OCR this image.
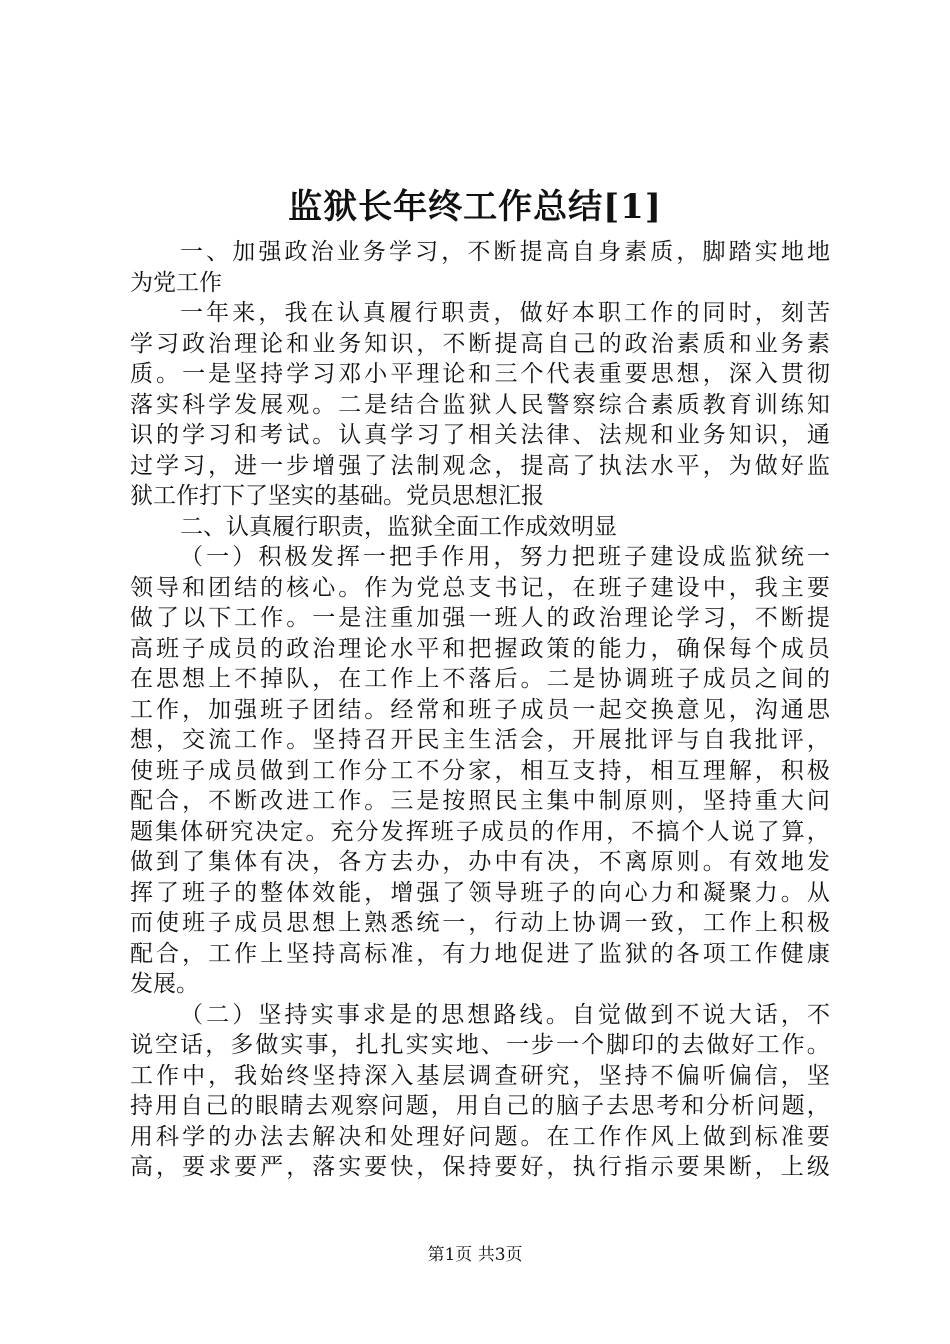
监狱长年终工作总结[1]
一 、 加 强 政 治 业 务 学 习 ， 不 断 提 高 自 身 素 质 ， 脚 踏 实 地 地
为党工作
一 年 来 ， 我 在 认 真 履 行 职 责 ， 做 好 本 职 工 作 的 同 时 ， 刻 苦
学 习 政 治 理 论 和 业 务 知 识 ， 不 断 提 高 自 己 的 政 治 素 质 和 业 务 素
质 。 一 是 坚 持 学 习 邓 小 平 理 论 和 三 个 代 表 重 要 思 想 ， 深 入 贯 彻
落 实 科 学 发 展 观 。 二 是 结 合 监 狱 人 民 警 察 综 合 素 质 教 育 训 练 知
识 的 学 习 和 考 试 。 认 真 学 习 了 相 关 法 律 、 法 规 和 业 务 知 识 ， 通
过 学 习 ， 进 一 步 增 强 了 法 制 观 念 ， 提 高 了 执 法 水 平 ， 为 做 好 监
狱工作打下了坚实的基础。党员思想汇报
二、认真履行职责，监狱全面工作成效明显
（ 一 ） 积 极 发 挥 一 把 手 作 用 ， 努 力 把 班 子 建 设 成 监 狱 统 一
领 导 和 团 结 的 核 心 。 作 为 党 总 支 书 记 ， 在 班 子 建 设 中 ， 我 主 要
做 了 以 下 工 作 。 一 是 注 重 加 强 一 班 人 的 政 治 理 论 学 习 ， 不 断 提
高 班 子 成 员 的 政 治 理 论 水 平 和 把 握 政 策 的 能 力 ， 确 保 每 个 成 员
在 思 想 上 不 掉 队 ， 在 工 作 上 不 落 后 。 二 是 协 调 班 子 成 员 之 间 的
工 作 ， 加 强 班 子 团 结 。 经 常 和 班 子 成 员 一 起 交 换 意 见 ， 沟 通 思
想 ， 交 流 工 作 。 坚 持 召 开 民 主 生 活 会 ， 开 展 批 评 与 自 我 批 评 ，
使 班 子 成 员 做 到 工 作 分 工 不 分 家 ， 相 互 支 持 ， 相 互 理 解 ， 积 极
配 合 ， 不 断 改 进 工 作 。 三 是 按 照 民 主 集 中 制 原 则 ， 坚 持 重 大 问
题 集 体 研 究 决 定 。 充 分 发 挥 班 子 成 员 的 作 用 ， 不 搞 个 人 说 了 算 ，
做 到 了 集 体 有 决 ， 各 方 去 办 ， 办 中 有 决 ， 不 离 原 则 。 有 效 地 发
挥 了 班 子 的 整 体 效 能 ， 增 强 了 领 导 班 子 的 向 心 力 和 凝 聚 力 。 从
而 使 班 子 成 员 思 想 上 熟 悉 统 一 ， 行 动 上 协 调 一 致 ， 工 作 上 积 极
配 合 ， 工 作 上 坚 持 高 标 准 ， 有 力 地 促 进 了 监 狱 的 各 项 工 作 健 康
发展。
（ 二 ） 坚 持 实 事 求 是 的 思 想 路 线 。 自 觉 做 到 不 说 大 话 ， 不
说 空 话 ， 多 做 实 事 ， 扎 扎 实 实 地 、 一 步 一 个 脚 印 的 去 做 好 工 作 。
工 作 中 ， 我 始 终 坚 持 深 入 基 层 调 查 研 究 ， 坚 持 不 偏 听 偏 信 ， 坚
持 用 自 己 的 眼 睛 去 观 察 问 题 ， 用 自 己 的 脑 子 去 思 考 和 分 析 问 题 ，
用 科 学 的 办 法 去 解 决 和 处 理 好 问 题 。 在 工 作 作 风 上 做 到 标 准 要
高 ， 要 求 要 严 ， 落 实 要 快 ， 保 持 要 好 ， 执 行 指 示 要 果 断 ， 上 级
第1页 共3页
